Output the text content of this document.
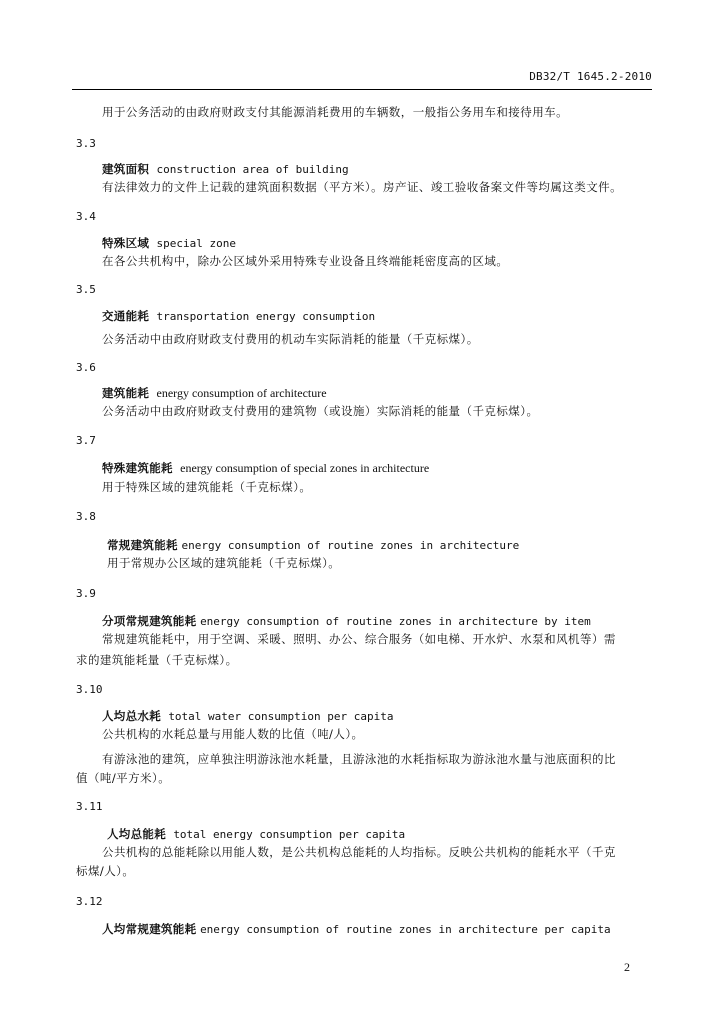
DB32/T 1645.2-2010
用于公务活动的由政府财政支付其能源消耗费用的车辆数，一般指公务用车和接待用车。
3.3
建筑面积 construction area of building
有法律效力的文件上记载的建筑面积数据（平方米）。房产证、竣工验收备案文件等均属这类文件。
3.4
特殊区域 special zone
在各公共机构中，除办公区域外采用特殊专业设备且终端能耗密度高的区域。
3.5
交通能耗 transportation energy consumption
公务活动中由政府财政支付费用的机动车实际消耗的能量（千克标煤）。
3.6
建筑能耗 energy consumption of architecture
公务活动中由政府财政支付费用的建筑物（或设施）实际消耗的能量（千克标煤）。
3.7
特殊建筑能耗 energy consumption of special zones in architecture
用于特殊区域的建筑能耗（千克标煤）。
3.8
常规建筑能耗 energy consumption of routine zones in architecture
用于常规办公区域的建筑能耗（千克标煤）。
3.9
分项常规建筑能耗 energy consumption of routine zones in architecture by item
常规建筑能耗中，用于空调、采暖、照明、办公、综合服务（如电梯、开水炉、水泵和风机等）需
求的建筑能耗量（千克标煤）。
3.10
人均总水耗 total water consumption per capita
公共机构的水耗总量与用能人数的比值（吨/人）。
有游泳池的建筑，应单独注明游泳池水耗量，且游泳池的水耗指标取为游泳池水量与池底面积的比
值（吨/平方米）。
3.11
人均总能耗 total energy consumption per capita
公共机构的总能耗除以用能人数，是公共机构总能耗的人均指标。反映公共机构的能耗水平（千克
标煤/人）。
3.12
人均常规建筑能耗 energy consumption of routine zones in architecture per capita
2
